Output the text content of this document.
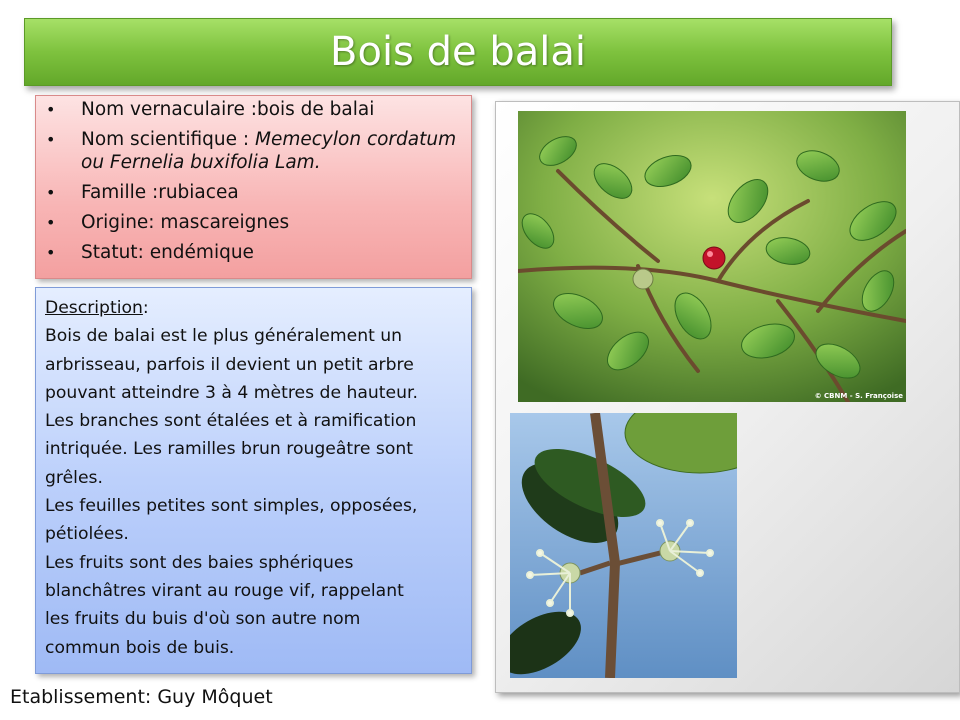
Bois de balai
• Nom vernaculaire :bois de balai
• Nom scientifique : Memecylon cordatum ou Fernelia buxifolia Lam.
• Famille :rubiacea
• Origine: mascareignes
• Statut: endémique

Description:

Bois de balai est le plus généralement un

arbrisseau, parfois il devient un petit arbre

pouvant atteindre 3 à 4 mètres de hauteur.

Les branches sont étalées et à ramification

intriquée. Les ramilles brun rougeâtre sont

grêles.

Les feuilles petites sont simples, opposées,

pétiolées.

Les fruits sont des baies sphériques

blanchâtres virant au rouge vif, rappelant

les fruits du buis d'où son autre nom

commun bois de buis.

© CBNM - S. Françoise
Etablissement: Guy Môquet
